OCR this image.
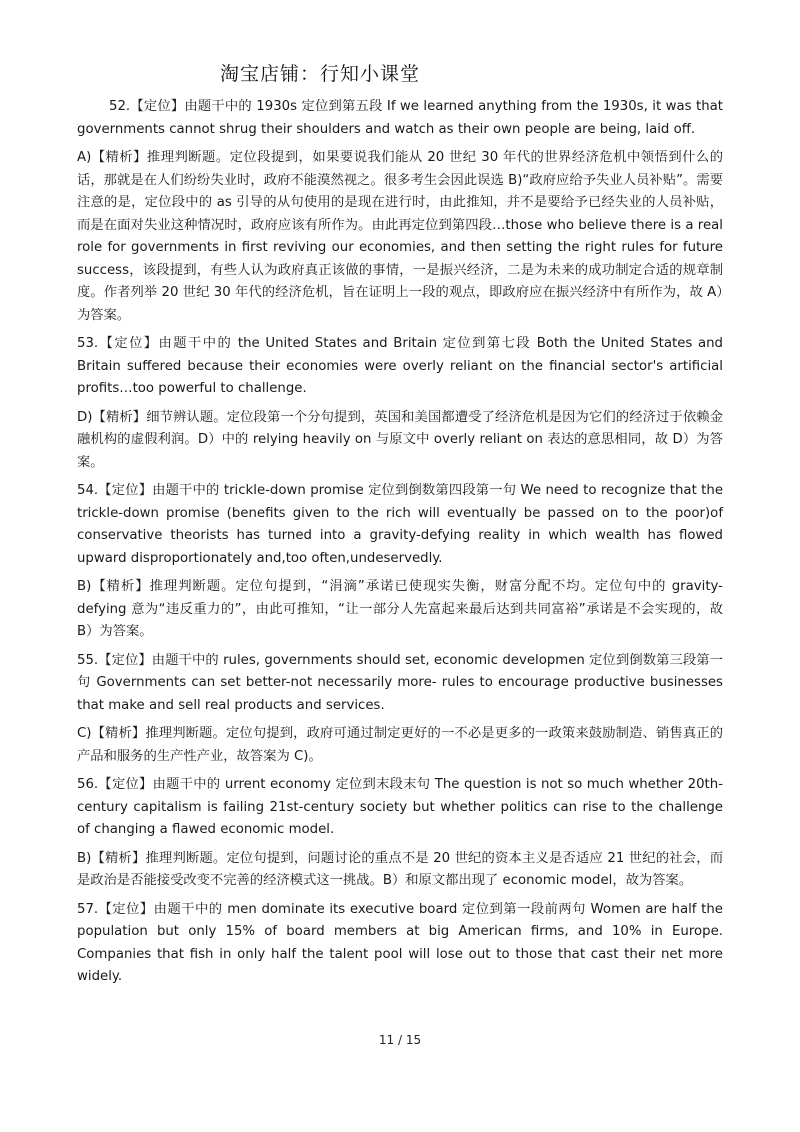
淘宝店铺：行知小课堂

52.【定位】由题干中的 1930s 定位到第五段 If we learned anything from the 1930s, it was that governments cannot shrug their shoulders and watch as their own people are being, laid off.

A)【精析】推理判断题。定位段提到，如果要说我们能从 20 世纪 30 年代的世界经济危机中领悟到什么的话，那就是在人们纷纷失业时，政府不能漠然视之。很多考生会因此误选 B)“政府应给予失业人员补贴”。需要注意的是，定位段中的 as 引导的从句使用的是现在进行时，由此推知，并不是要给予已经失业的人员补贴，而是在面对失业这种情况时，政府应该有所作为。由此再定位到第四段…those who believe there is a real role for governments in first reviving our economies, and then setting the right rules for future success，该段提到，有些人认为政府真正该做的事情，一是振兴经济，二是为未来的成功制定合适的规章制度。作者列举 20 世纪 30 年代的经济危机，旨在证明上一段的观点，即政府应在振兴经济中有所作为，故 A）为答案。

53.【定位】由题干中的 the United States and Britain 定位到第七段 Both the United States and Britain suffered because their economies were overly reliant on the financial sector's artificial profits…too powerful to challenge.

D)【精析】细节辨认题。定位段第一个分句提到，英国和美国都遭受了经济危机是因为它们的经济过于依赖金融机构的虚假利润。D）中的 relying heavily on 与原文中 overly reliant on 表达的意思相同，故 D）为答案。

54.【定位】由题干中的 trickle-down promise 定位到倒数第四段第一句 We need to recognize that the trickle-down promise (benefits given to the rich will eventually be passed on to the poor)of conservative theorists has turned into a gravity-defying reality in which wealth has flowed upward disproportionately and,too often,undeservedly.

B)【精析】推理判断题。定位句提到，“涓滴”承诺已使现实失衡，财富分配不均。定位句中的 gravity- defying 意为“违反重力的”，由此可推知，“让一部分人先富起来最后达到共同富裕”承诺是不会实现的，故 B）为答案。

55.【定位】由题干中的 rules, governments should set, economic developmen 定位到倒数第三段第一句 Governments can set better-not necessarily more- rules to encourage productive businesses that make and sell real products and services.

C)【精析】推理判断题。定位句提到，政府可通过制定更好的一不必是更多的一政策来鼓励制造、销售真正的产品和服务的生产性产业，故答案为 C)。

56.【定位】由题干中的 urrent economy 定位到末段末句 The question is not so much whether 20th-century capitalism is failing 21st-century society but whether politics can rise to the challenge of changing a flawed economic model.

B)【精析】推理判断题。定位句提到，问题讨论的重点不是 20 世纪的资本主义是否适应 21 世纪的社会，而是政治是否能接受改变不完善的经济模式这一挑战。B）和原文都出现了 economic model，故为答案。

57.【定位】由题干中的 men dominate its executive board 定位到第一段前两句 Women are half the population but only 15% of board members at big American firms, and 10% in Europe. Companies that fish in only half the talent pool will lose out to those that cast their net more widely.

11 / 15
